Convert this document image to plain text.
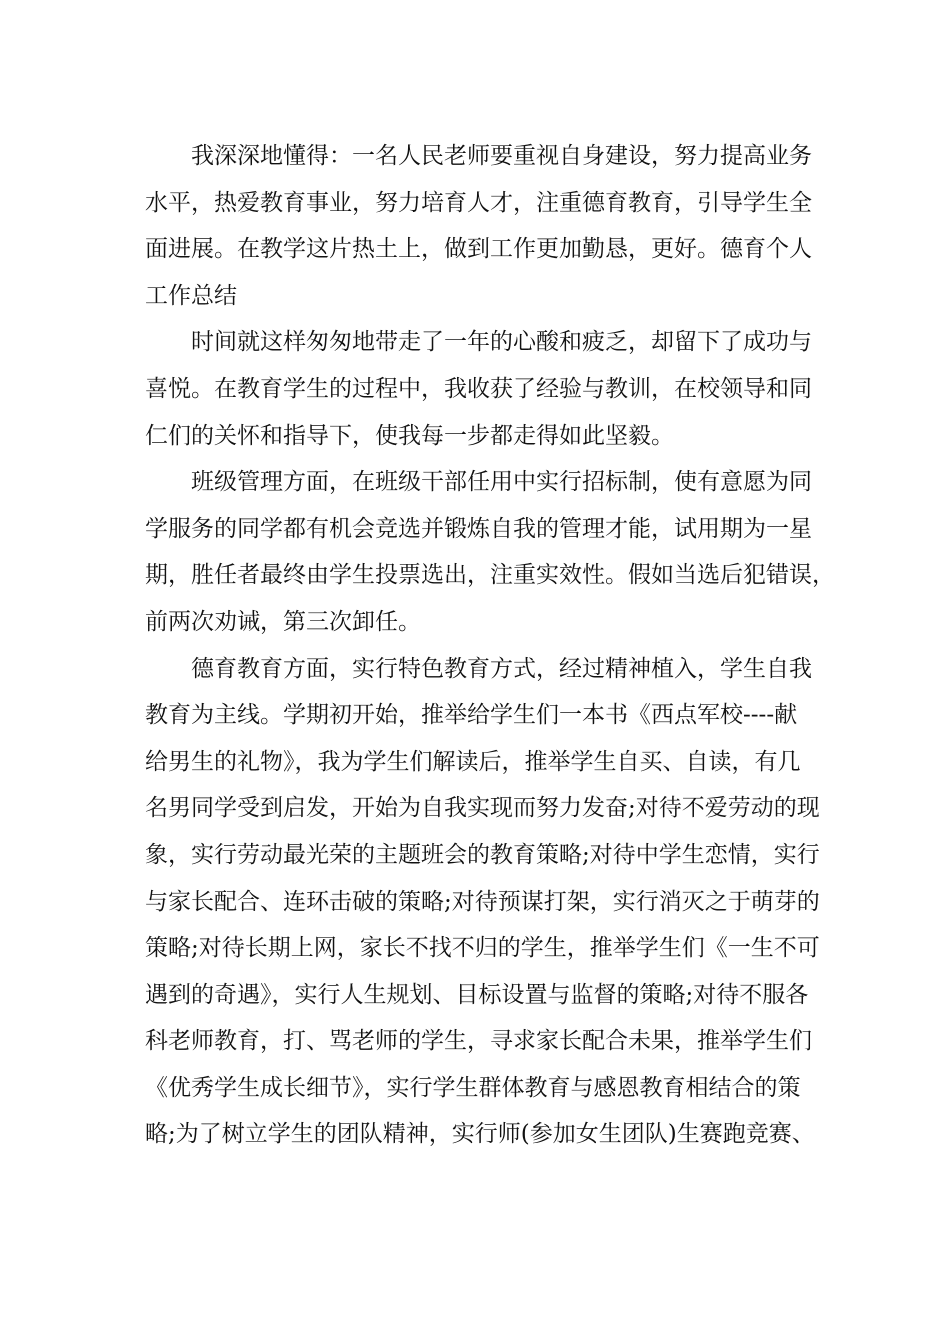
我深深地懂得：一名人民老师要重视自身建设，努力提高业务
水平，热爱教育事业，努力培育人才，注重德育教育，引导学生全
面进展。在教学这片热土上，做到工作更加勤恳，更好。德育个人
工作总结
时间就这样匆匆地带走了一年的心酸和疲乏，却留下了成功与
喜悦。在教育学生的过程中，我收获了经验与教训，在校领导和同
仁们的关怀和指导下，使我每一步都走得如此坚毅。
班级管理方面，在班级干部任用中实行招标制，使有意愿为同
学服务的同学都有机会竞选并锻炼自我的管理才能，试用期为一星
期，胜任者最终由学生投票选出，注重实效性。假如当选后犯错误，
前两次劝诫，第三次卸任。
德育教育方面，实行特色教育方式，经过精神植入，学生自我
教育为主线。学期初开始，推举给学生们一本书《西点军校----献
给男生的礼物》，我为学生们解读后，推举学生自买、自读，有几
名男同学受到启发，开始为自我实现而努力发奋;对待不爱劳动的现
象，实行劳动最光荣的主题班会的教育策略;对待中学生恋情，实行
与家长配合、连环击破的策略;对待预谋打架，实行消灭之于萌芽的
策略;对待长期上网，家长不找不归的学生，推举学生们《一生不可
遇到的奇遇》，实行人生规划、目标设置与监督的策略;对待不服各
科老师教育，打、骂老师的学生，寻求家长配合未果，推举学生们
《优秀学生成长细节》，实行学生群体教育与感恩教育相结合的策
略;为了树立学生的团队精神，实行师(参加女生团队)生赛跑竞赛、
